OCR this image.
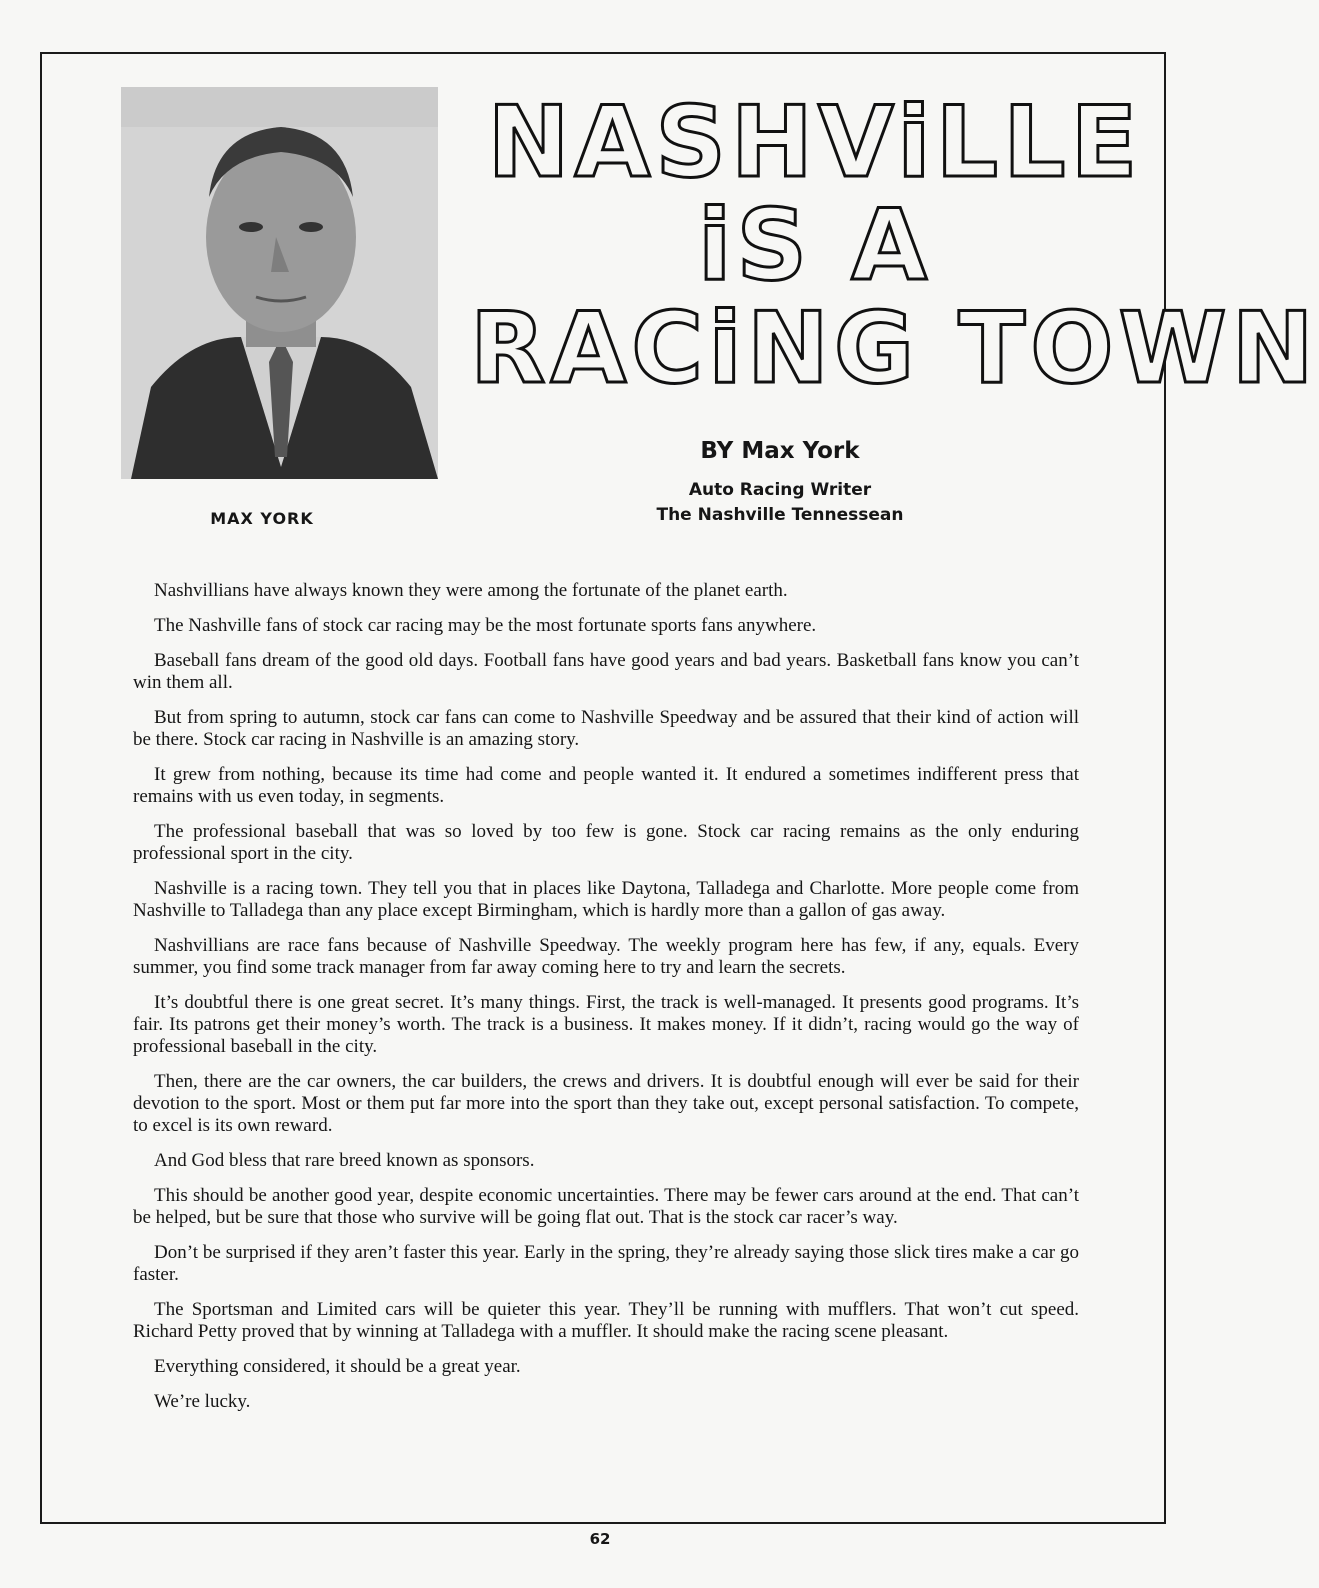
MAX YORK
NASHViLLE
iS A
RACiNG TOWN
BY Max York
Auto Racing Writer
The Nashville Tennessean

Nashvillians have always known they were among the fortunate of the planet earth.

The Nashville fans of stock car racing may be the most fortunate sports fans anywhere.

Baseball fans dream of the good old days. Football fans have good years and bad years. Basketball fans know you can’t win them all.

But from spring to autumn, stock car fans can come to Nashville Speedway and be assured that their kind of action will be there. Stock car racing in Nashville is an amazing story.

It grew from nothing, because its time had come and people wanted it. It endured a sometimes indifferent press that remains with us even today, in segments.

The professional baseball that was so loved by too few is gone. Stock car racing remains as the only enduring professional sport in the city.

Nashville is a racing town. They tell you that in places like Daytona, Talladega and Charlotte. More people come from Nashville to Talladega than any place except Birmingham, which is hardly more than a gallon of gas away.

Nashvillians are race fans because of Nashville Speedway. The weekly program here has few, if any, equals. Every summer, you find some track manager from far away coming here to try and learn the secrets.

It’s doubtful there is one great secret. It’s many things. First, the track is well-managed. It presents good programs. It’s fair. Its patrons get their money’s worth. The track is a business. It makes money. If it didn’t, racing would go the way of professional baseball in the city.

Then, there are the car owners, the car builders, the crews and drivers. It is doubtful enough will ever be said for their devotion to the sport. Most or them put far more into the sport than they take out, except personal satisfaction. To compete, to excel is its own reward.

And God bless that rare breed known as sponsors.

This should be another good year, despite economic uncertainties. There may be fewer cars around at the end. That can’t be helped, but be sure that those who survive will be going flat out. That is the stock car racer’s way.

Don’t be surprised if they aren’t faster this year. Early in the spring, they’re already saying those slick tires make a car go faster.

The Sportsman and Limited cars will be quieter this year. They’ll be running with mufflers. That won’t cut speed. Richard Petty proved that by winning at Talladega with a muffler. It should make the racing scene pleasant.

Everything considered, it should be a great year.

We’re lucky.

62
